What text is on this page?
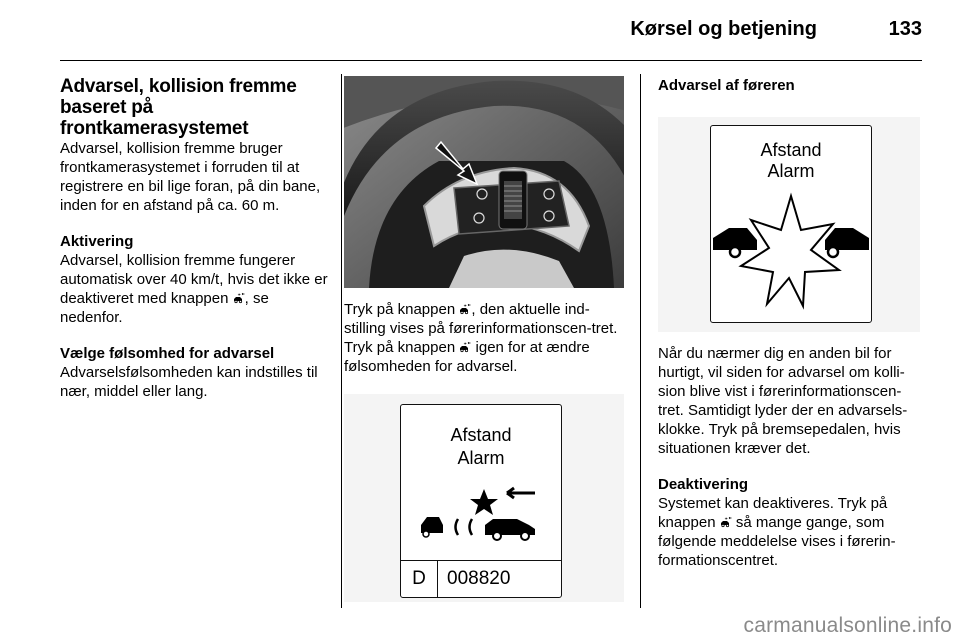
Kørsel og betjening	133
Advarsel, kollision fremme baseret på frontkamerasystemet

Advarsel, kollision fremme bruger frontkamerasystemet i forruden til at registrere en bil lige foran, på din bane, inden for en afstand på ca. 60 m.

Aktivering

Advarsel, kollision fremme fungerer automatisk over 40 km/t, hvis det ikke er deaktiveret med knappen , se nedenfor.

Vælge følsomhed for advarsel

Advarselsfølsomheden kan indstilles til nær, middel eller lang.

Tryk på knappen , den aktuelle ind-stilling vises på førerinformationscen-tret. Tryk på knappen igen for at ændre følsomheden for advarsel.

Afstand
Alarm
D	008820

Advarsel af føreren

Afstand
Alarm

Når du nærmer dig en anden bil for hurtigt, vil siden for advarsel om kolli-sion blive vist i førerinformationscen-tret. Samtidigt lyder der en advarsels-klokke. Tryk på bremsepedalen, hvis situationen kræver det.

Deaktivering

Systemet kan deaktiveres. Tryk på knappen så mange gange, som følgende meddelelse vises i førerin-formationscentret.

carmanualsonline.info
